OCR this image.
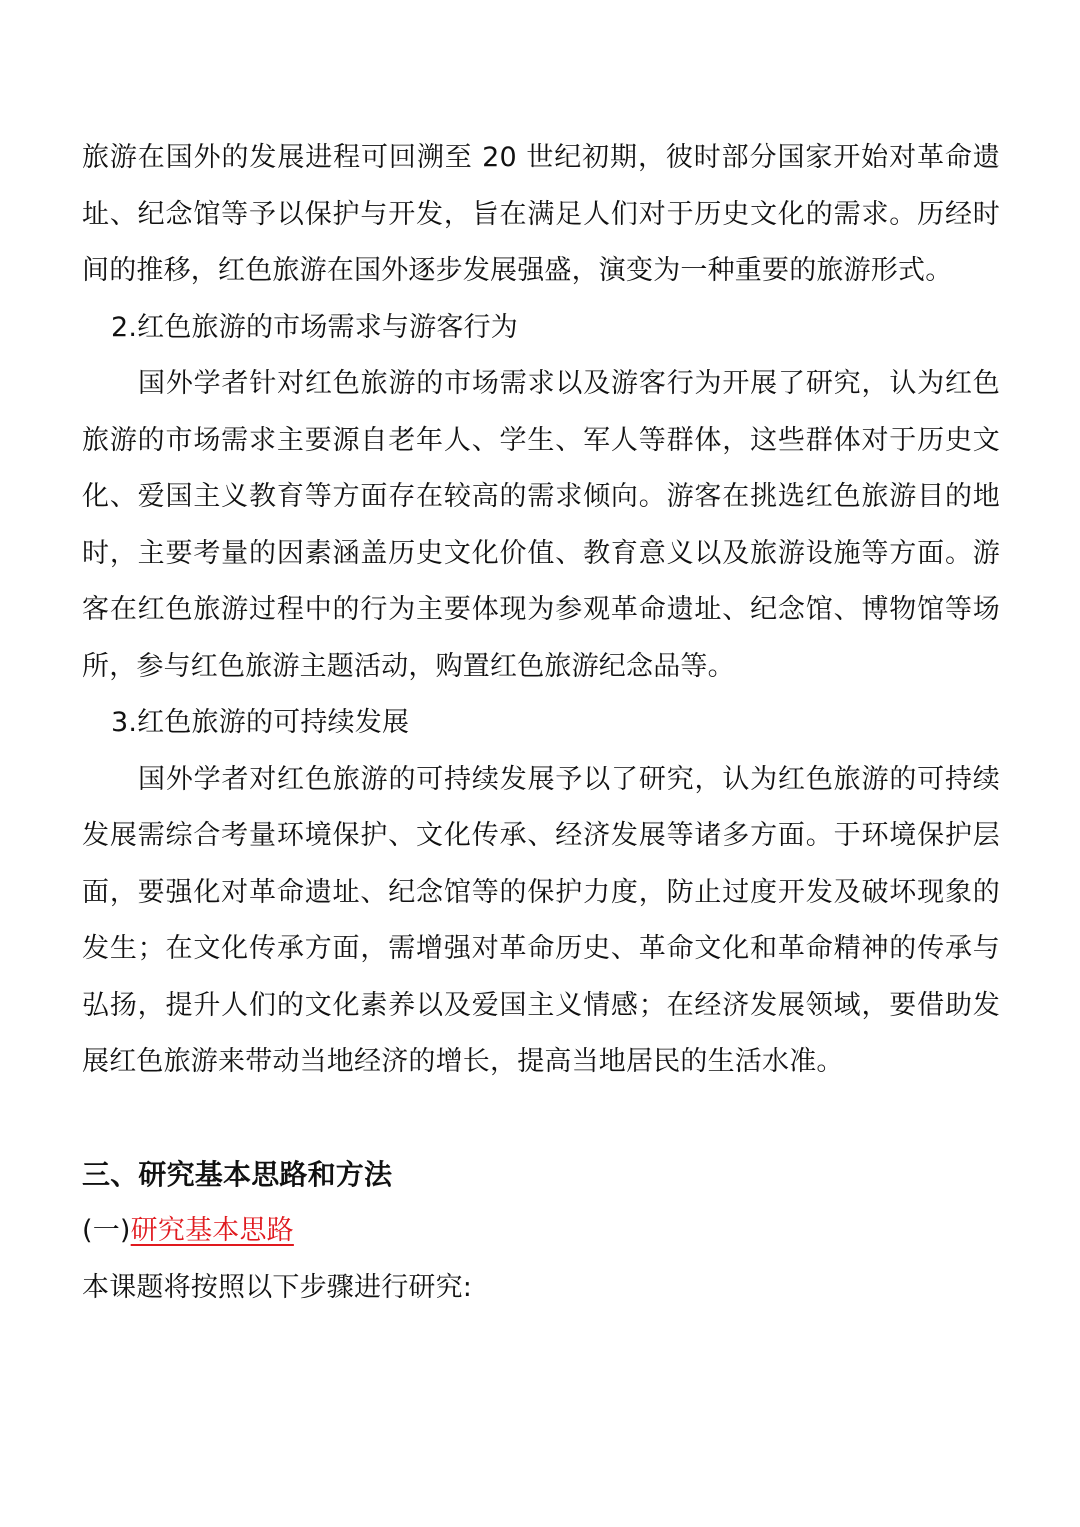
旅游在国外的发展进程可回溯至 20 世纪初期，彼时部分国家开始对革命遗址、纪念馆等予以保护与开发，旨在满足人们对于历史文化的需求。历经时间的推移，红色旅游在国外逐步发展强盛，演变为一种重要的旅游形式。

2.红色旅游的市场需求与游客行为

国外学者针对红色旅游的市场需求以及游客行为开展了研究，认为红色旅游的市场需求主要源自老年人、学生、军人等群体，这些群体对于历史文化、爱国主义教育等方面存在较高的需求倾向。游客在挑选红色旅游目的地时，主要考量的因素涵盖历史文化价值、教育意义以及旅游设施等方面。游客在红色旅游过程中的行为主要体现为参观革命遗址、纪念馆、博物馆等场所，参与红色旅游主题活动，购置红色旅游纪念品等。

3.红色旅游的可持续发展

国外学者对红色旅游的可持续发展予以了研究，认为红色旅游的可持续发展需综合考量环境保护、文化传承、经济发展等诸多方面。于环境保护层面，要强化对革命遗址、纪念馆等的保护力度，防止过度开发及破坏现象的发生；在文化传承方面，需增强对革命历史、革命文化和革命精神的传承与弘扬，提升人们的文化素养以及爱国主义情感；在经济发展领域，要借助发展红色旅游来带动当地经济的增长，提高当地居民的生活水准。

三、研究基本思路和方法

(一)研究基本思路

本课题将按照以下步骤进行研究:
